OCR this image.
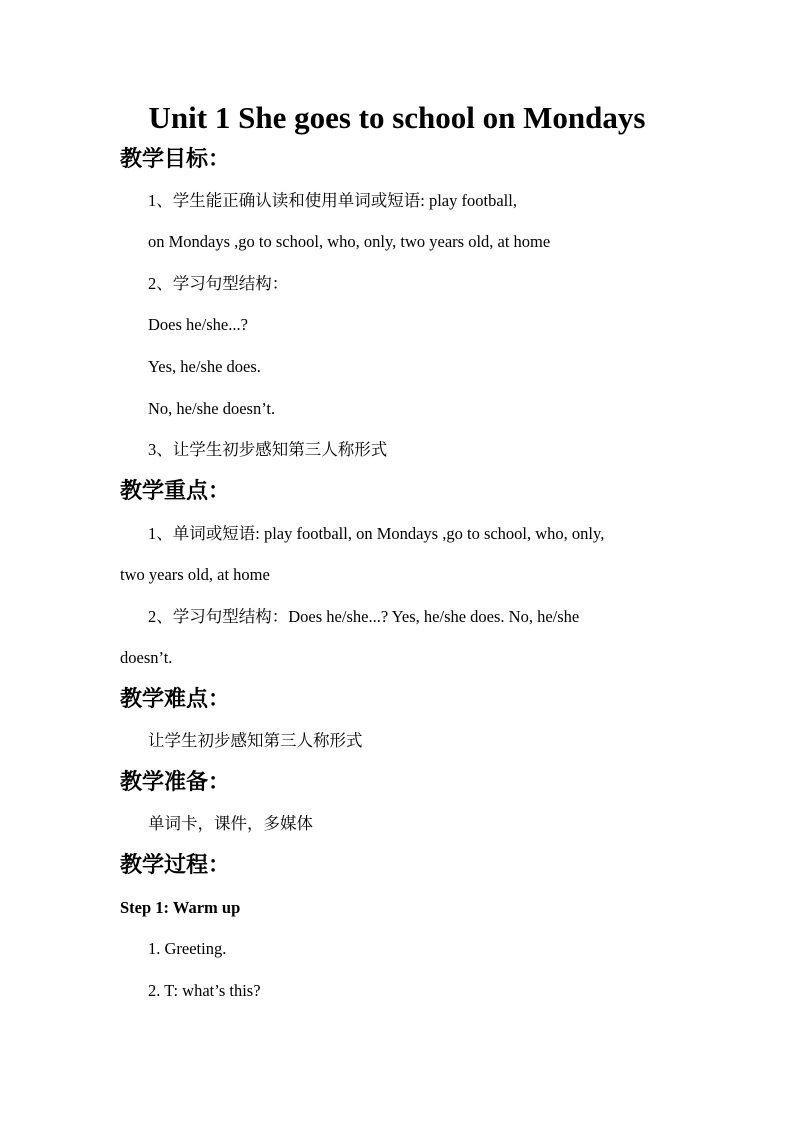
Unit 1 She goes to school on Mondays
教学目标：
1、学生能正确认读和使用单词或短语: play football,
on Mondays ,go to school, who, only, two years old, at home
2、学习句型结构：
Does he/she...?
Yes, he/she does.
No, he/she doesn’t.
3、让学生初步感知第三人称形式
教学重点：
1、单词或短语: play football, on Mondays ,go to school, who, only,
two years old, at home
2、学习句型结构：Does he/she...? Yes, he/she does. No, he/she
doesn’t.
教学难点：
让学生初步感知第三人称形式
教学准备：
单词卡，课件，多媒体
教学过程：
Step 1: Warm up
1. Greeting.
2. T: what’s this?
